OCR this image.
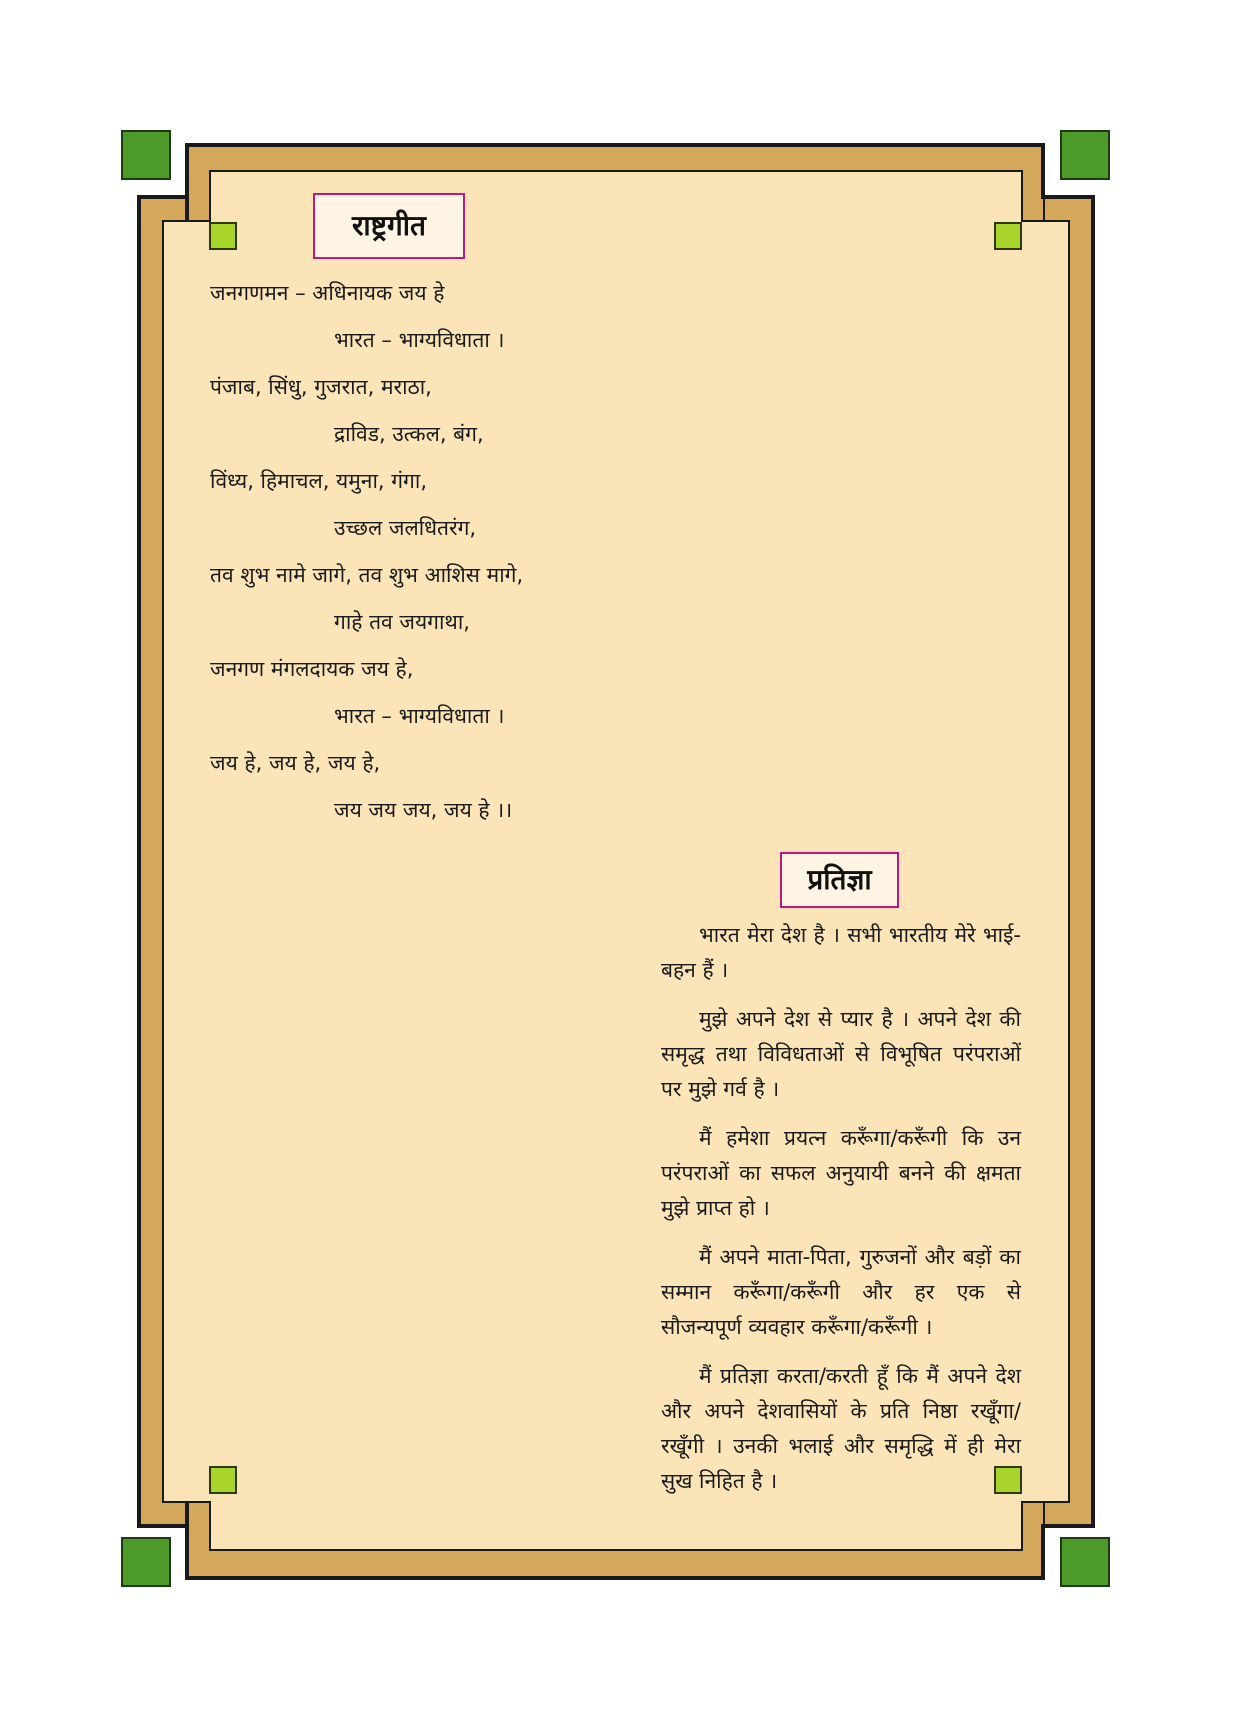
राष्ट्रगीत
जनगणमन – अधिनायक जय हे
भारत – भाग्यविधाता ।
पंजाब, सिंधु, गुजरात, मराठा,
द्राविड, उत्कल, बंग,
विंध्य, हिमाचल, यमुना, गंगा,
उच्छल जलधितरंग,
तव शुभ नामे जागे, तव शुभ आशिस मागे,
गाहे तव जयगाथा,
जनगण मंगलदायक जय हे,
भारत – भाग्यविधाता ।
जय हे, जय हे, जय हे,
जय जय जय, जय हे ।।
प्रतिज्ञा

भारत मेरा देश है । सभी भारतीय मेरे भाई-बहन हैं ।

मुझे अपने देश से प्यार है । अपने देश की समृद्ध तथा विविधताओं से विभूषित परंपराओं पर मुझे गर्व है ।

मैं हमेशा प्रयत्न करूँगा/करूँगी कि उन परंपराओं का सफल अनुयायी बनने की क्षमता मुझे प्राप्त हो ।

मैं अपने माता-पिता, गुरुजनों और बड़ों का सम्मान करूँगा/करूँगी और हर एक से सौजन्यपूर्ण व्यवहार करूँगा/करूँगी ।

मैं प्रतिज्ञा करता/करती हूँ कि मैं अपने देश और अपने देशवासियों के प्रति निष्ठा रखूँगा/रखूँगी । उनकी भलाई और समृद्धि में ही मेरा सुख निहित है ।
